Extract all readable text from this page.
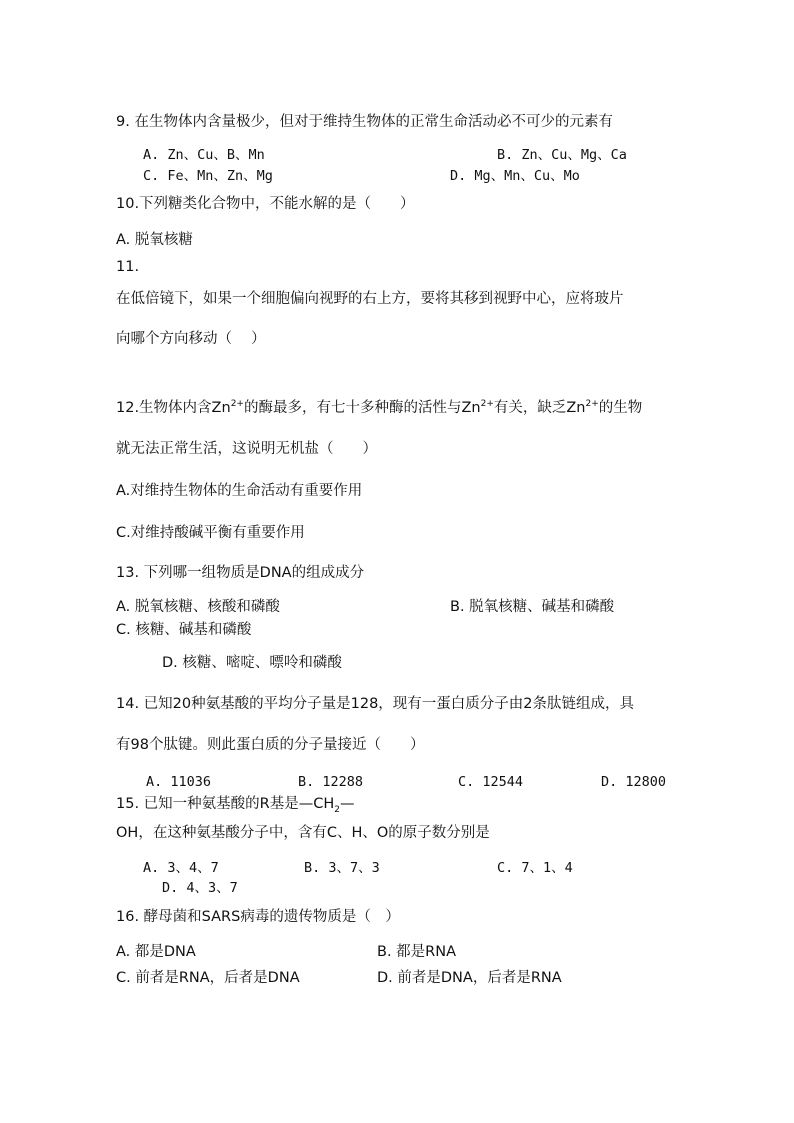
9. 在生物体内含量极少，但对于维持生物体的正常生命活动必不可少的元素有
A. Zn、Cu、B、Mn	B. Zn、Cu、Mg、Ca
C. Fe、Mn、Zn、Mg	D. Mg、Mn、Cu、Mo
10.下列糖类化合物中，不能水解的是（　　）
A. 脱氧核糖
11.
在低倍镜下，如果一个细胞偏向视野的右上方，要将其移到视野中心，应将玻片
向哪个方向移动（　 ）
12.生物体内含$Zn^{2+}$的酶最多，有七十多种酶的活性与$Zn^{2+}$有关，缺乏$Zn^{2+}$的生物
就无法正常生活，这说明无机盐（　　）
A.对维持生物体的生命活动有重要作用
C.对维持酸碱平衡有重要作用
13. 下列哪一组物质是DNA的组成成分
A. 脱氧核糖、核酸和磷酸	B. 脱氧核糖、碱基和磷酸
C. 核糖、碱基和磷酸
D. 核糖、嘧啶、嘌呤和磷酸
14. 已知20种氨基酸的平均分子量是128，现有一蛋白质分子由2条肽链组成，具
有98个肽键。则此蛋白质的分子量接近（　　）
A. 11036	B. 12288	C. 12544	D. 12800
15. 已知一种氨基酸的R基是$—CH_2—$
OH，在这种氨基酸分子中，含有C、H、O的原子数分别是
A. 3、4、7	B. 3、7、3	C. 7、1、4
D. 4、3、7
16. 酵母菌和SARS病毒的遗传物质是（　）
A. 都是DNA	B. 都是RNA
C. 前者是RNA，后者是DNA	D. 前者是DNA，后者是RNA
